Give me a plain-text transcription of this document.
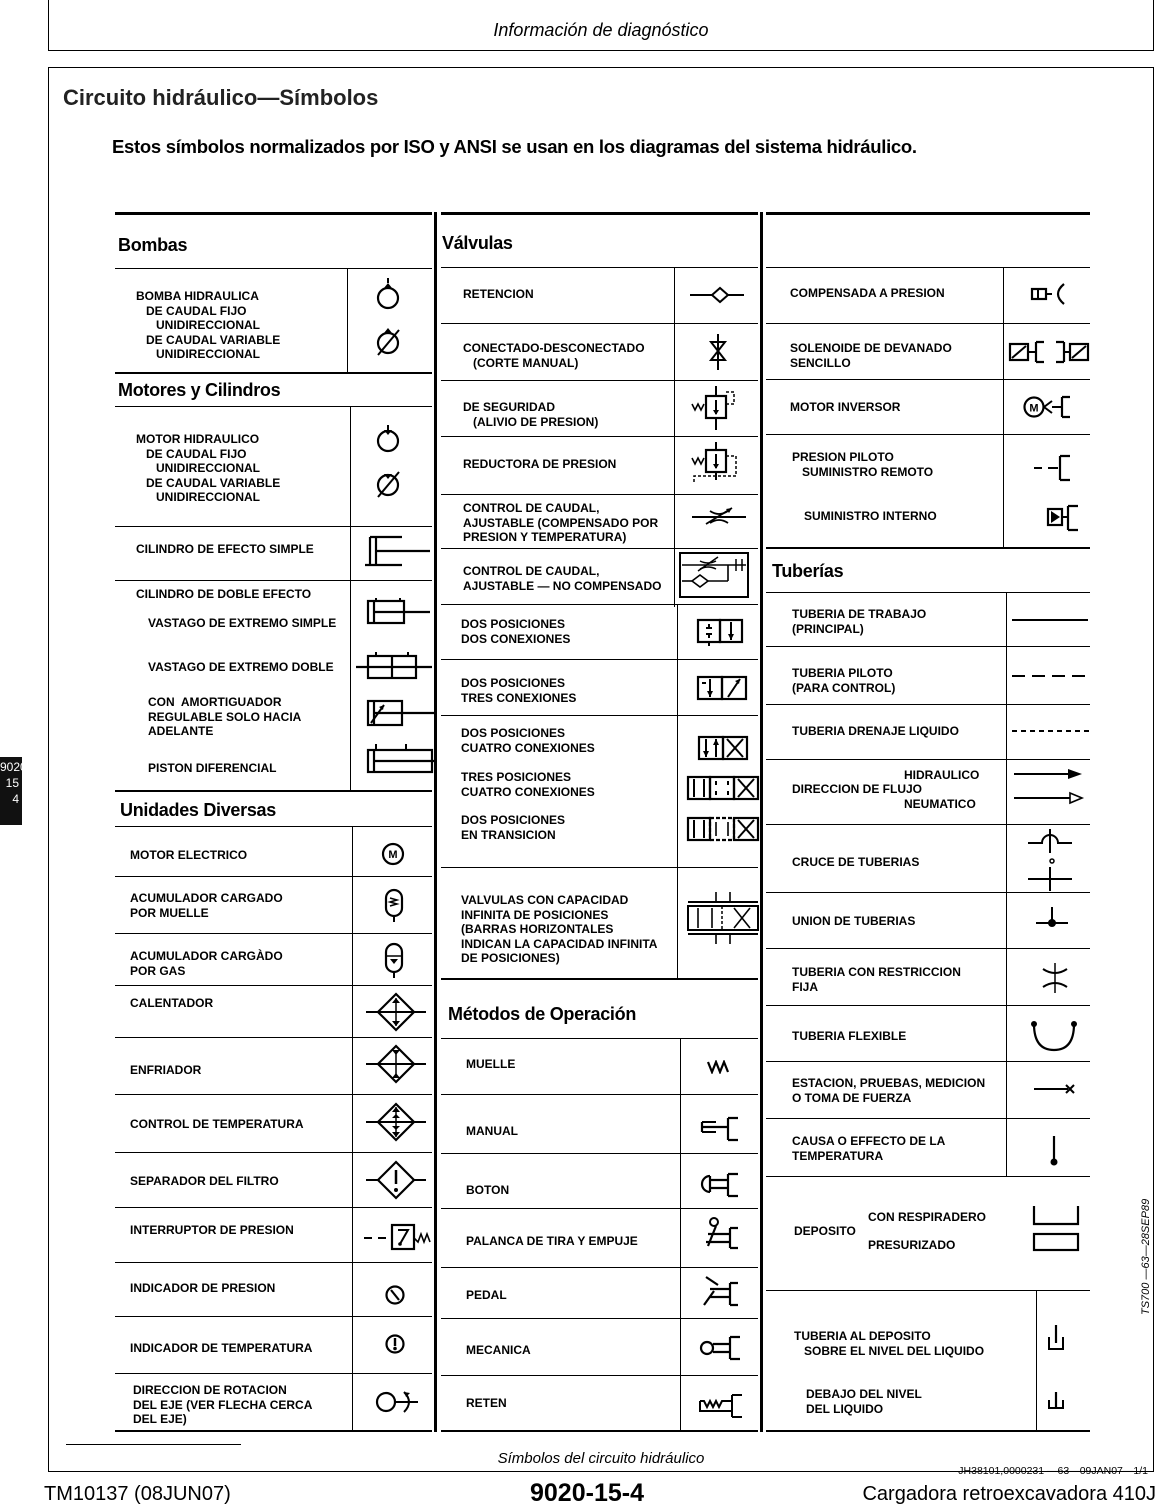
Información de diagnóstico
Circuito hidráulico—Símbolos
Estos símbolos normalizados por ISO y ANSI se usan en los diagramas del sistema hidráulico.
Bombas
BOMBA HIDRAULICA
DE CAUDAL FIJO
UNIDIRECCIONAL
DE CAUDAL VARIABLE
UNIDIRECCIONAL
Motores y Cilindros
MOTOR HIDRAULICO
DE CAUDAL FIJO
UNIDIRECCIONAL
DE CAUDAL VARIABLE
UNIDIRECCIONAL
CILINDRO DE EFECTO SIMPLE
CILINDRO DE DOBLE EFECTO
VASTAGO DE EXTREMO SIMPLE
VASTAGO DE EXTREMO DOBLE
CON  AMORTIGUADOR
REGULABLE SOLO HACIA
ADELANTE
PISTON DIFERENCIAL
Unidades Diversas
MOTOR ELECTRICO	M
ACUMULADOR CARGADO
POR MUELLE
ACUMULADOR CARGÀDO
POR GAS
CALENTADOR
ENFRIADOR
CONTROL DE TEMPERATURA
SEPARADOR DEL FILTRO
INTERRUPTOR DE PRESION
INDICADOR DE PRESION
INDICADOR DE TEMPERATURA
DIRECCION DE ROTACION
DEL EJE (VER FLECHA CERCA
DEL EJE)
Válvulas
RETENCION
CONECTADO-DESCONECTADO
(CORTE MANUAL)
DE SEGURIDAD
(ALIVIO DE PRESION)
REDUCTORA DE PRESION
CONTROL DE CAUDAL,
AJUSTABLE (COMPENSADO POR
PRESION Y TEMPERATURA)
CONTROL DE CAUDAL,
AJUSTABLE — NO COMPENSADO
DOS POSICIONES
DOS CONEXIONES
DOS POSICIONES
TRES CONEXIONES
DOS POSICIONES
CUATRO CONEXIONES
TRES POSICIONES
CUATRO CONEXIONES
DOS POSICIONES
EN TRANSICION
VALVULAS CON CAPACIDAD
INFINITA DE POSICIONES
(BARRAS HORIZONTALES
INDICAN LA CAPACIDAD INFINITA
DE POSICIONES)
Métodos de Operación
MUELLE
MANUAL
BOTON
PALANCA DE TIRA Y EMPUJE
PEDAL
MECANICA
RETEN
COMPENSADA A PRESION
SOLENOIDE DE DEVANADO
SENCILLO
MOTOR INVERSOR	M
PRESION PILOTO
SUMINISTRO REMOTO
SUMINISTRO INTERNO
Tuberías
TUBERIA DE TRABAJO
(PRINCIPAL)
TUBERIA PILOTO
(PARA CONTROL)
TUBERIA DRENAJE LIQUIDO
HIDRAULICO
DIRECCION DE FLUJO
NEUMATICO
CRUCE DE TUBERIAS
UNION DE TUBERIAS
TUBERIA CON RESTRICCION
FIJA
TUBERIA FLEXIBLE
ESTACION, PRUEBAS, MEDICION
O TOMA DE FUERZA
CAUSA O EFFECTO DE LA
TEMPERATURA
CON RESPIRADERO
DEPOSITO
PRESURIZADO
TUBERIA AL DEPOSITO
SOBRE EL NIVEL DEL LIQUIDO
DEBAJO DEL NIVEL
DEL LIQUIDO
9020
15
4
TS700 —63—28SEP89
Símbolos del circuito hidráulico
JH38101,0000231 —63—09JAN07—1/1
TM10137 (08JUN07)	9020-15-4	Cargadora retroexcavadora 410J
